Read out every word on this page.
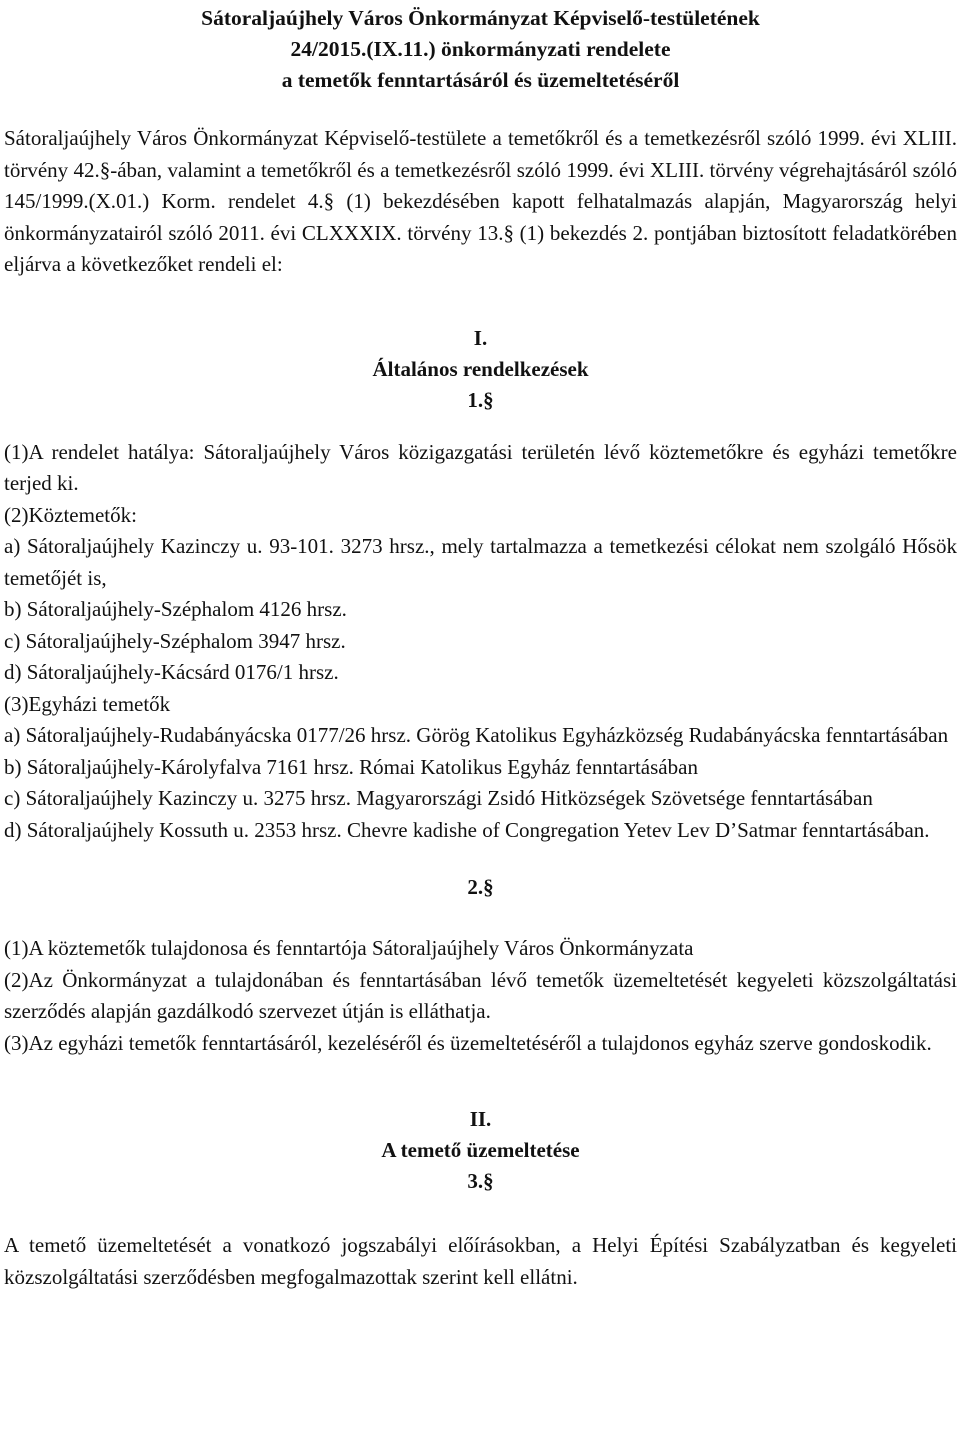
Sátoraljaújhely Város Önkormányzat Képviselő-testületének
24/2015.(IX.11.) önkormányzati rendelete
a temetők fenntartásáról és üzemeltetéséről

Sátoraljaújhely Város Önkormányzat Képviselő-testülete a temetőkről és a temetkezésről szóló 1999. évi XLIII. törvény 42.§-ában, valamint a temetőkről és a temetkezésről szóló 1999. évi XLIII. törvény végrehajtásáról szóló 145/1999.(X.01.) Korm. rendelet 4.§ (1) bekezdésében kapott felhatalmazás alapján, Magyarország helyi önkormányzatairól szóló 2011. évi CLXXXIX. törvény 13.§ (1) bekezdés 2. pontjában biztosított feladatkörében eljárva a következőket rendeli el:

I.
Általános rendelkezések
1.§

(1)A rendelet hatálya: Sátoraljaújhely Város közigazgatási területén lévő köztemetőkre és egyházi temetőkre terjed ki.

(2)Köztemetők:

a) Sátoraljaújhely Kazinczy u. 93-101. 3273 hrsz., mely tartalmazza a temetkezési célokat nem szolgáló Hősök temetőjét is,

b) Sátoraljaújhely-Széphalom 4126 hrsz.
c) Sátoraljaújhely-Széphalom 3947 hrsz.
d) Sátoraljaújhely-Kácsárd 0176/1 hrsz.
(3)Egyházi temetők

a) Sátoraljaújhely-Rudabányácska 0177/26 hrsz. Görög Katolikus Egyházközség Rudabányácska fenntartásában

b) Sátoraljaújhely-Károlyfalva 7161 hrsz. Római Katolikus Egyház fenntartásában

c) Sátoraljaújhely Kazinczy u. 3275 hrsz. Magyarországi Zsidó Hitközségek Szövetsége fenntartásában

d) Sátoraljaújhely Kossuth u. 2353 hrsz. Chevre kadishe of Congregation Yetev Lev D’Satmar fenntartásában.

2.§
(1)A köztemetők tulajdonosa és fenntartója Sátoraljaújhely Város Önkormányzata

(2)Az Önkormányzat a tulajdonában és fenntartásában lévő temetők üzemeltetését kegyeleti közszolgáltatási szerződés alapján gazdálkodó szervezet útján is elláthatja.

(3)Az egyházi temetők fenntartásáról, kezeléséről és üzemeltetéséről a tulajdonos egyház szerve gondoskodik.

II.
A temető üzemeltetése
3.§

A temető üzemeltetését a vonatkozó jogszabályi előírásokban, a Helyi Építési Szabályzatban és kegyeleti közszolgáltatási szerződésben megfogalmazottak szerint kell ellátni.
